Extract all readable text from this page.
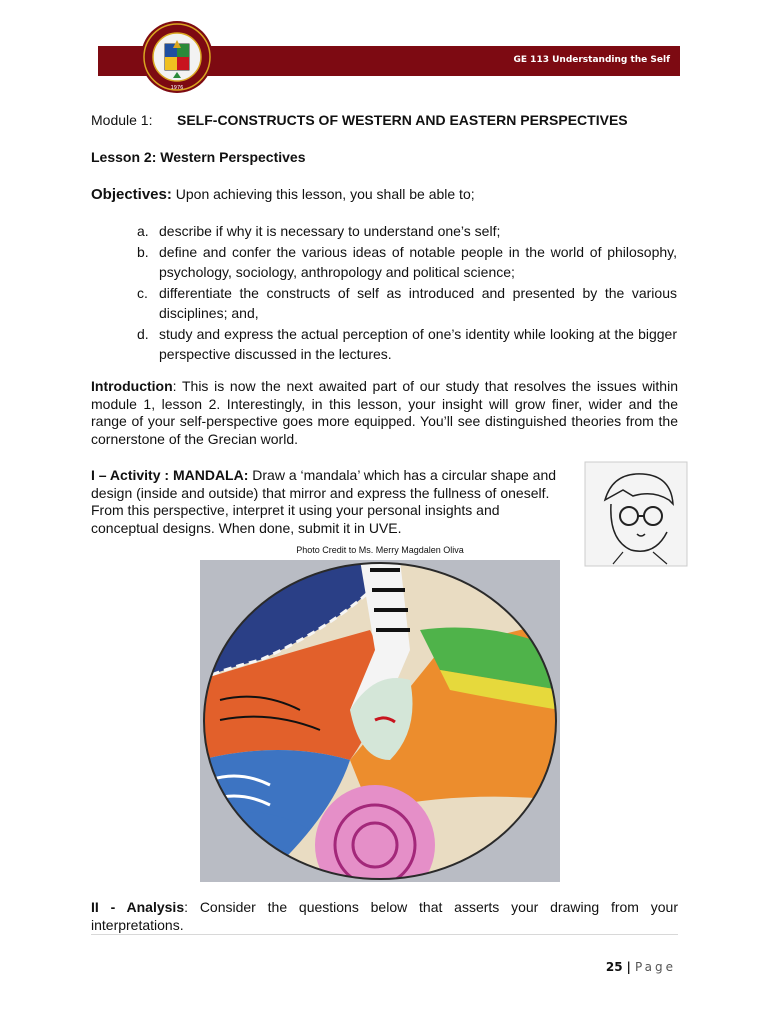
GE 113 Understanding the Self
1976
Module 1: SELF-CONSTRUCTS OF WESTERN AND EASTERN PERSPECTIVES
Lesson 2: Western Perspectives
Objectives: Upon achieving this lesson, you shall be able to;
a. describe if why it is necessary to understand one’s self;
b. define and confer the various ideas of notable people in the world of philosophy, psychology, sociology, anthropology and political science;
c. differentiate the constructs of self as introduced and presented by the various disciplines; and,
d. study and express the actual perception of one’s identity while looking at the bigger perspective discussed in the lectures.

Introduction: This is now the next awaited part of our study that resolves the issues within module 1, lesson 2. Interestingly, in this lesson, your insight will grow finer, wider and the range of your self-perspective goes more equipped. You’ll see distinguished theories from the cornerstone of the Grecian world.

I – Activity : MANDALA: Draw a ‘mandala’ which has a circular shape and design (inside and outside) that mirror and express the fullness of oneself. From this perspective, interpret it using your personal insights and conceptual designs. When done, submit it in UVE.

Photo Credit to Ms. Merry Magdalen Oliva

II - Analysis: Consider the questions below that asserts your drawing from your interpretations.

25 | Page
